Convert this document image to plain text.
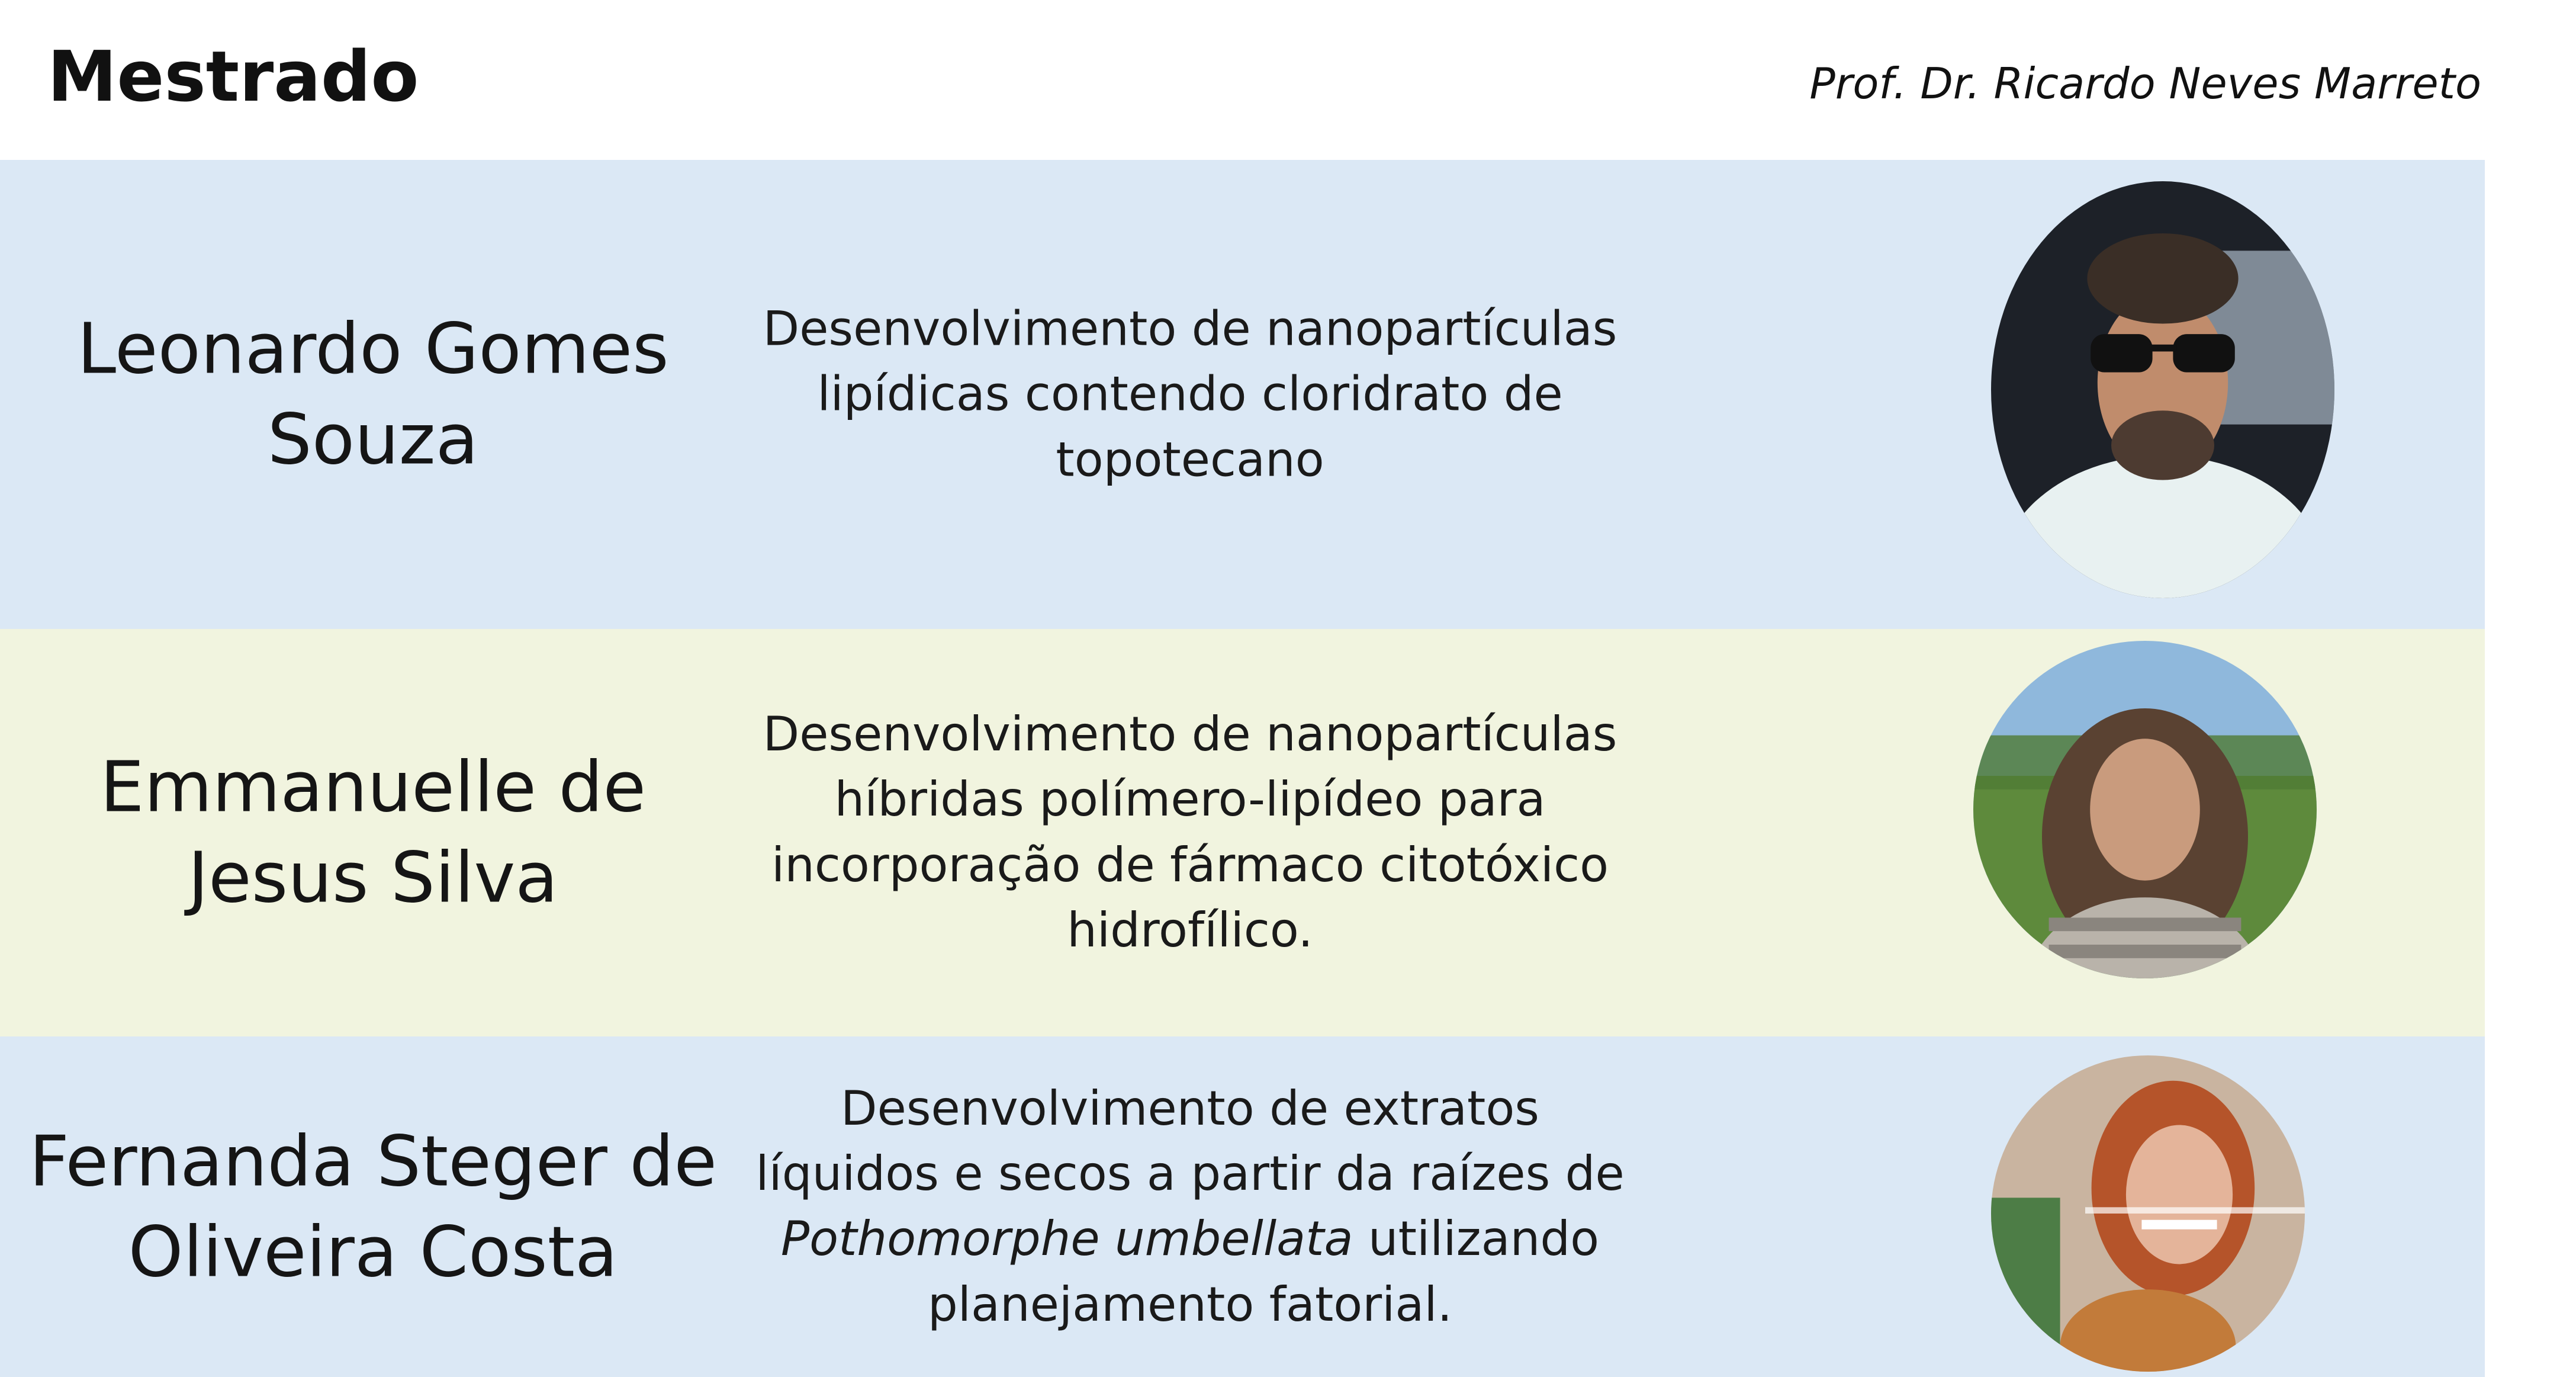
Mestrado	Prof. Dr. Ricardo Neves Marreto
Leonardo Gomes
Souza
Desenvolvimento de nanopartículas
lipídicas contendo cloridrato de
topotecano
Emmanuelle de
Jesus Silva
Desenvolvimento de nanopartículas
híbridas polímero-lipídeo para
incorporação de fármaco citotóxico
hidrofílico.
Fernanda Steger de
Oliveira Costa
Desenvolvimento de extratos
líquidos e secos a partir da raízes de
Pothomorphe umbellata utilizando
planejamento fatorial.
